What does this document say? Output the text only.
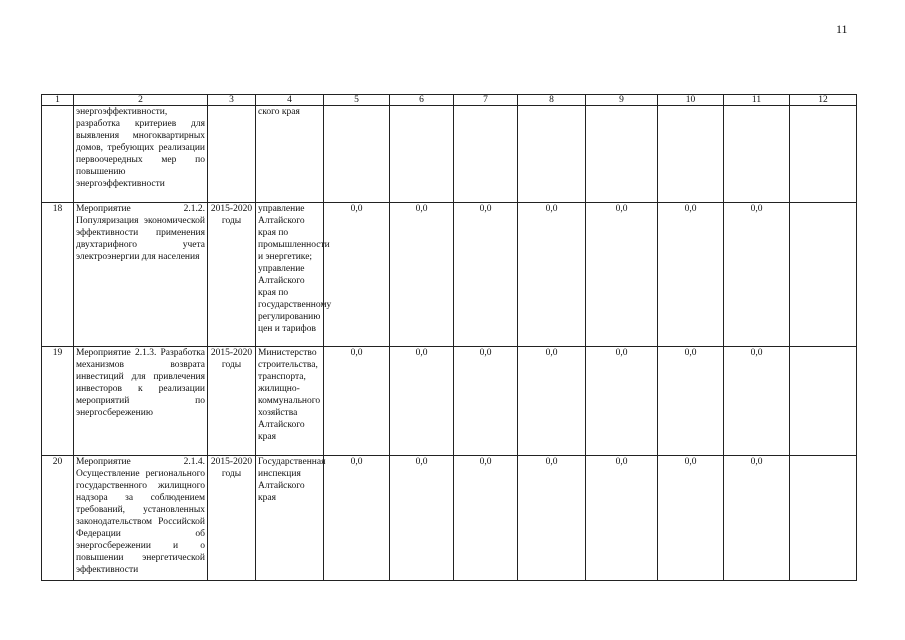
11
1	2	3	4	5	6	7	8	9	10	11	12
	энергоэффективности, разработка критериев для выявления многоквартирных домов, требующих реализации первоочередных мер по повышению энергоэффективности		ского края								
18	Мероприятие 2.1.2. Популяризация экономической эффективности применения двухтарифного учета электроэнергии для населения	2015-2020 годы	управление Алтайского края по промышленности и энергетике; управление Алтайского края по государственному регулированию цен и тарифов	0,0	0,0	0,0	0,0	0,0	0,0	0,0	
19	Мероприятие 2.1.3. Разработка механизмов возврата инвестиций для привлечения инвесторов к реализации мероприятий по энергосбережению	2015-2020 годы	Министерство строительства, транспорта, жилищно-коммунального хозяйства Алтайского края	0,0	0,0	0,0	0,0	0,0	0,0	0,0	
20	Мероприятие 2.1.4. Осуществление регионального государственного жилищного надзора за соблюдением требований, установленных законодательством Российской Федерации об энергосбережении и о повышении энергетической эффективности	2015-2020 годы	Государственная инспекция Алтайского края	0,0	0,0	0,0	0,0	0,0	0,0	0,0	
